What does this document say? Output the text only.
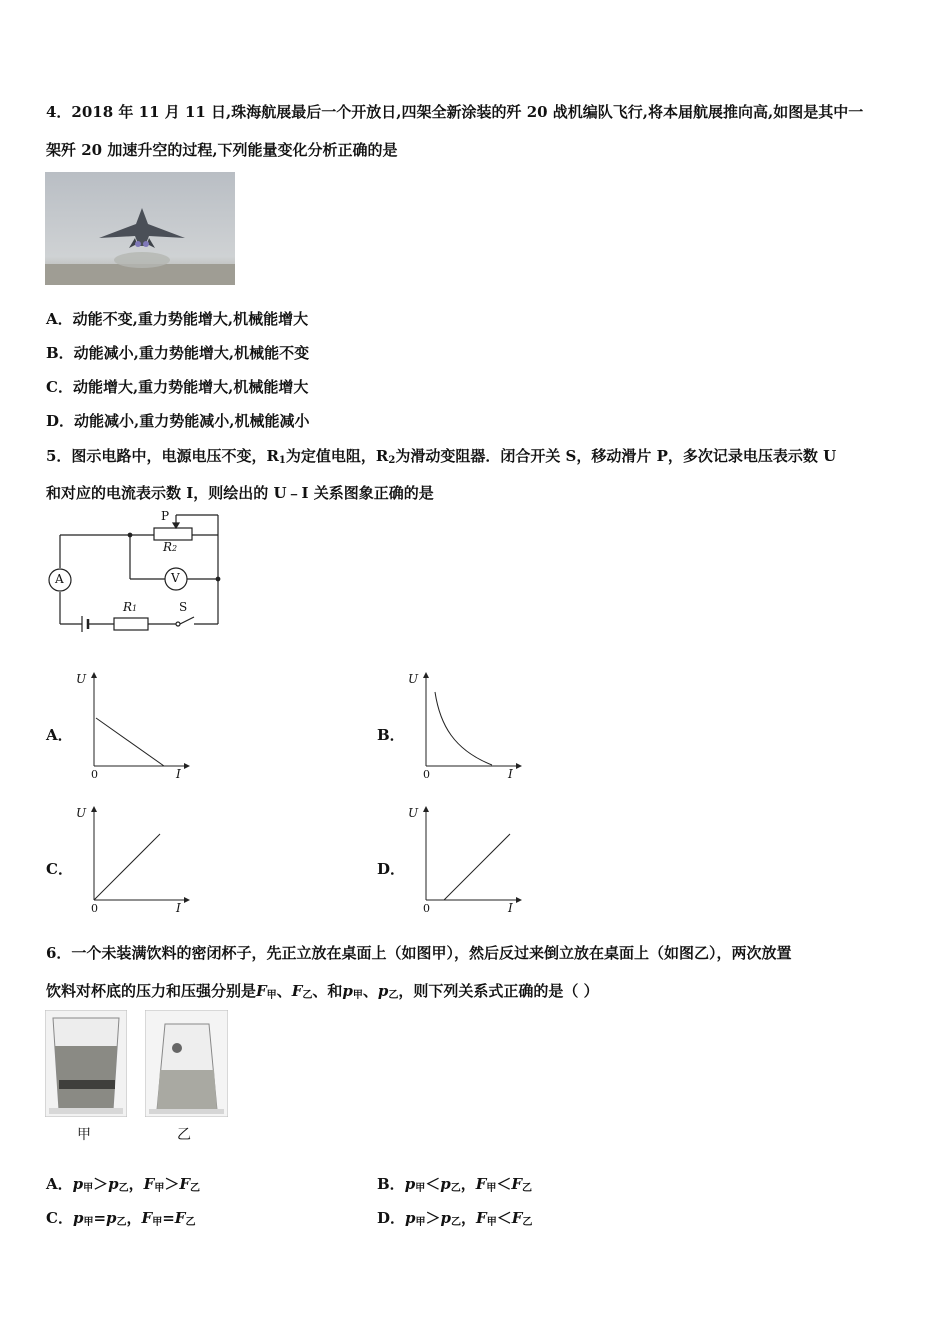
4．2018 年 11 月 11 日,珠海航展最后一个开放日,四架全新涂装的歼 20 战机编队飞行,将本届航展推向高,如图是其中一
架歼 20 加速升空的过程,下列能量变化分析正确的是
A．动能不变,重力势能增大,机械能增大
B．动能减小,重力势能增大,机械能不变
C．动能增大,重力势能增大,机械能增大
D．动能减小,重力势能减小,机械能减小
5．图示电路中，电源电压不变，$R_1$为定值电阻，$R_2$为滑动变阻器．闭合开关 S，移动滑片 P，多次记录电压表示数 U
和对应的电流表示数 I，则绘出的 U﹣I 关系图象正确的是
P
R2
A	V
R1	S
A．
U
I
0
B．
U
I
0
C．
U
I
0
D．
U
I
0
6．一个未装满饮料的密闭杯子，先正立放在桌面上（如图甲），然后反过来倒立放在桌面上（如图乙），两次放置
饮料对杯底的压力和压强分别是$F_甲$、$F_乙$、和$p_甲$、$p_乙$，则下列关系式正确的是（ ）
甲	乙
A．$p_甲>p_乙$，$F_甲>F_乙$	B．$p_甲<p_乙$，$F_甲<F_乙$
C．$p_甲=p_乙$，$F_甲=F_乙$	D．$p_甲>p_乙$，$F_甲<F_乙$
